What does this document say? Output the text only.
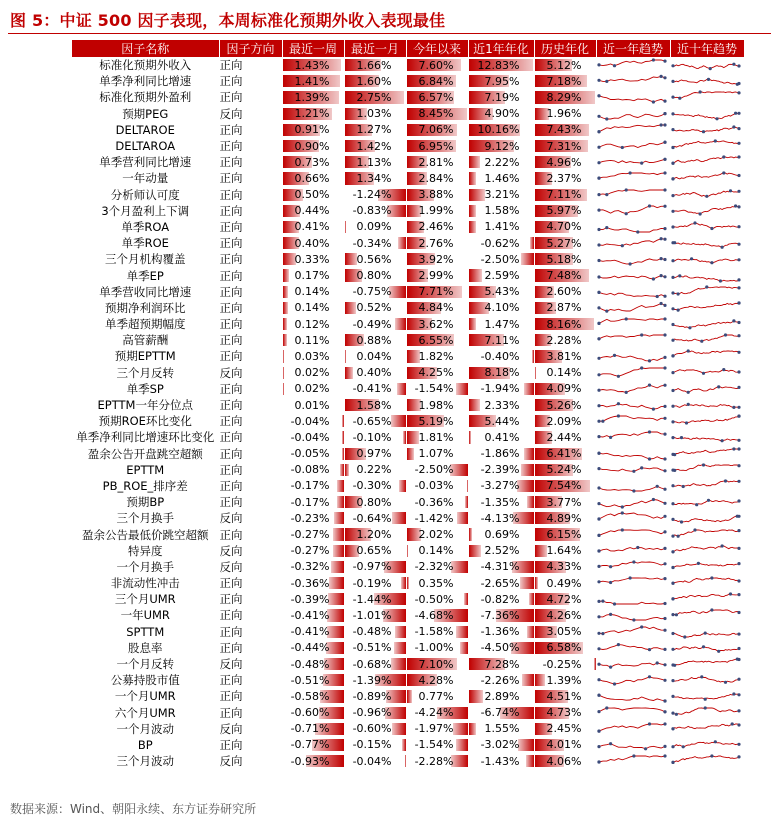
图 5：中证 500 因子表现，本周标准化预期外收入表现最佳
因子名称	因子方向	最近一周	最近一月	今年以来	近1年年化	历史年化	近一年趋势	近十年趋势
标准化预期外收入	正向	1.43%	1.66%	7.60%	12.83%	5.12%

单季净利同比增速	正向	1.41%	1.60%	6.84%	7.95%	7.18%

标准化预期外盈利	正向	1.39%	2.75%	6.57%	7.19%	8.29%

预期PEG	反向	1.21%	1.03%	8.45%	4.90%	1.96%

DELTAROE	正向	0.91%	1.27%	7.06%	10.16%	7.43%

DELTAROA	正向	0.90%	1.42%	6.95%	9.12%	7.31%

单季营利同比增速	正向	0.73%	1.13%	2.81%	2.22%	4.96%

一年动量	正向	0.66%	1.34%	2.84%	1.46%	2.37%

分析师认可度	正向	0.50%	-1.24%	3.88%	3.21%	7.11%

3个月盈利上下调	正向	0.44%	-0.83%	1.99%	1.58%	5.97%

单季ROA	正向	0.41%	0.09%	2.46%	1.41%	4.70%

单季ROE	正向	0.40%	-0.34%	2.76%	-0.62%	5.27%

三个月机构覆盖	正向	0.33%	0.56%	3.92%	-2.50%	5.18%

单季EP	正向	0.17%	0.80%	2.99%	2.59%	7.48%

单季营收同比增速	正向	0.14%	-0.75%	7.71%	5.43%	2.60%

预期净利润环比	正向	0.14%	0.52%	4.84%	4.10%	2.87%

单季超预期幅度	正向	0.12%	-0.49%	3.62%	1.47%	8.16%

高管薪酬	正向	0.11%	0.88%	6.55%	7.11%	2.28%

预期EPTTM	正向	0.03%	0.04%	1.82%	-0.40%	3.81%

三个月反转	反向	0.02%	0.40%	4.25%	8.18%	0.14%

单季SP	正向	0.02%	-0.41%	-1.54%	-1.94%	4.09%

EPTTM一年分位点	正向	0.01%	1.58%	1.98%	2.33%	5.26%

预期ROE环比变化	正向	-0.04%	-0.65%	5.19%	5.44%	2.09%

单季净利同比增速环比变化	正向	-0.04%	-0.10%	1.81%	0.41%	2.44%

盈余公告开盘跳空超额	正向	-0.05%	0.97%	1.07%	-1.86%	6.41%

EPTTM	正向	-0.08%	0.22%	-2.50%	-2.39%	5.24%

PB_ROE_排序差	正向	-0.17%	-0.30%	-0.03%	-3.27%	7.54%

预期BP	正向	-0.17%	0.80%	-0.36%	-1.35%	3.77%

三个月换手	反向	-0.23%	-0.64%	-1.42%	-4.13%	4.89%

盈余公告最低价跳空超额	正向	-0.27%	1.20%	2.02%	0.69%	6.15%

特异度	反向	-0.27%	0.65%	0.14%	2.52%	1.64%

一个月换手	反向	-0.32%	-0.97%	-2.32%	-4.31%	4.33%

非流动性冲击	正向	-0.36%	-0.19%	0.35%	-2.65%	0.49%

三个月UMR	正向	-0.39%	-1.44%	-0.50%	-0.82%	4.72%

一年UMR	正向	-0.41%	-1.01%	-4.68%	-7.36%	4.26%

SPTTM	正向	-0.41%	-0.48%	-1.58%	-1.36%	3.05%

股息率	正向	-0.44%	-0.51%	-1.00%	-4.50%	6.58%

一个月反转	反向	-0.48%	-0.68%	7.10%	7.28%	-0.25%

公募持股市值	正向	-0.51%	-1.39%	4.28%	-2.26%	1.39%

一个月UMR	正向	-0.58%	-0.89%	0.77%	2.89%	4.51%

六个月UMR	正向	-0.60%	-0.96%	-4.24%	-6.74%	4.73%

一个月波动	反向	-0.71%	-0.60%	-1.97%	1.55%	2.45%

BP	正向	-0.77%	-0.15%	-1.54%	-3.02%	4.01%

三个月波动	反向	-0.93%	-0.04%	-2.28%	-1.43%	4.06%

数据来源：Wind、朝阳永续、东方证券研究所
